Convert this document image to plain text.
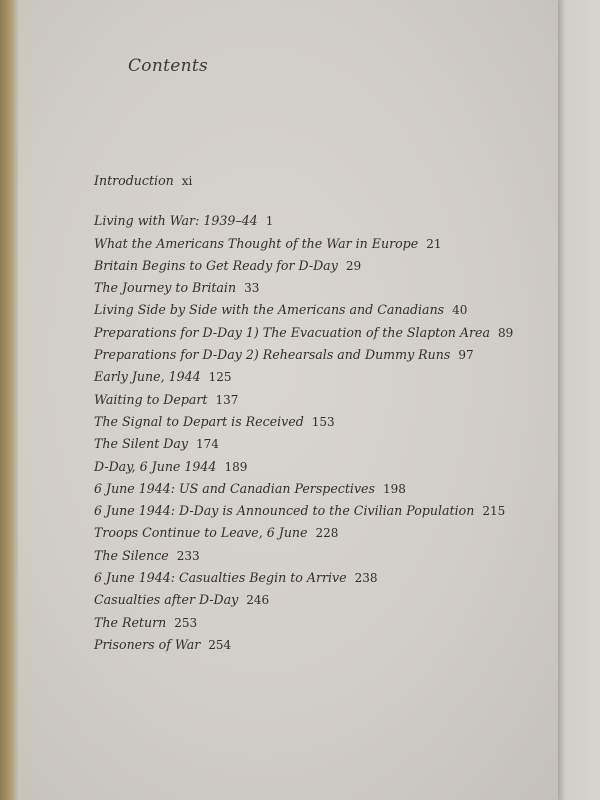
Contents
Introduction xi
Living with War: 1939–44 1
What the Americans Thought of the War in Europe 21
Britain Begins to Get Ready for D-Day 29
The Journey to Britain 33
Living Side by Side with the Americans and Canadians 40
Preparations for D-Day 1) The Evacuation of the Slapton Area 89
Preparations for D-Day 2) Rehearsals and Dummy Runs 97
Early June, 1944 125
Waiting to Depart 137
The Signal to Depart is Received 153
The Silent Day 174
D-Day, 6 June 1944 189
6 June 1944: US and Canadian Perspectives 198
6 June 1944: D-Day is Announced to the Civilian Population 215
Troops Continue to Leave, 6 June 228
The Silence 233
6 June 1944: Casualties Begin to Arrive 238
Casualties after D-Day 246
The Return 253
Prisoners of War 254
